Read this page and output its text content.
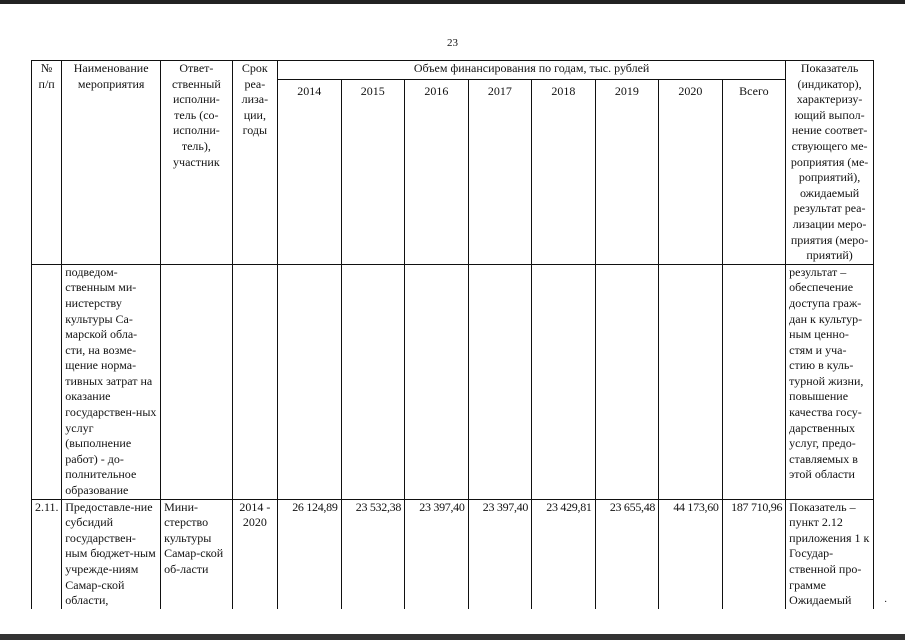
23
№ п/п	Наименование мероприятия	Ответ-ственный исполни-тель (со-исполни-тель), участник	Срок реа-лиза-ции, годы	Объем финансирования по годам, тыс. рублей								Показатель (индикатор), характеризу-ющий выпол-нение соответ-ствующего ме-роприятия (ме-роприятий), ожидаемый результат реа-лизации меро-приятия (меро-приятий)
				2014	2015	2016	2017	2018	2019	2020	Всего	
	подведом-ственным ми-нистерству культуры Са-марской обла-сти, на возме-щение норма-тивных затрат на оказание государствен-ных услуг (выполнение работ) - до-полнительное образование											результат – обеспечение доступа граж-дан к культур-ным ценно-стям и уча-стию в куль-турной жизни, повышение качества госу-дарственных услуг, предо-ставляемых в этой области
2.11.	Предоставле-ние субсидий государствен-ным бюджет-ным учрежде-ниям Самар-ской области,	Мини-стерство культуры Самар-ской об-ласти	2014 - 2020	26 124,89	23 532,38	23 397,40	23 397,40	23 429,81	23 655,48	44 173,60	187 710,96	Показатель – пункт 2.12 приложения 1 к Государ-ственной про-грамме Ожидаемый	·
